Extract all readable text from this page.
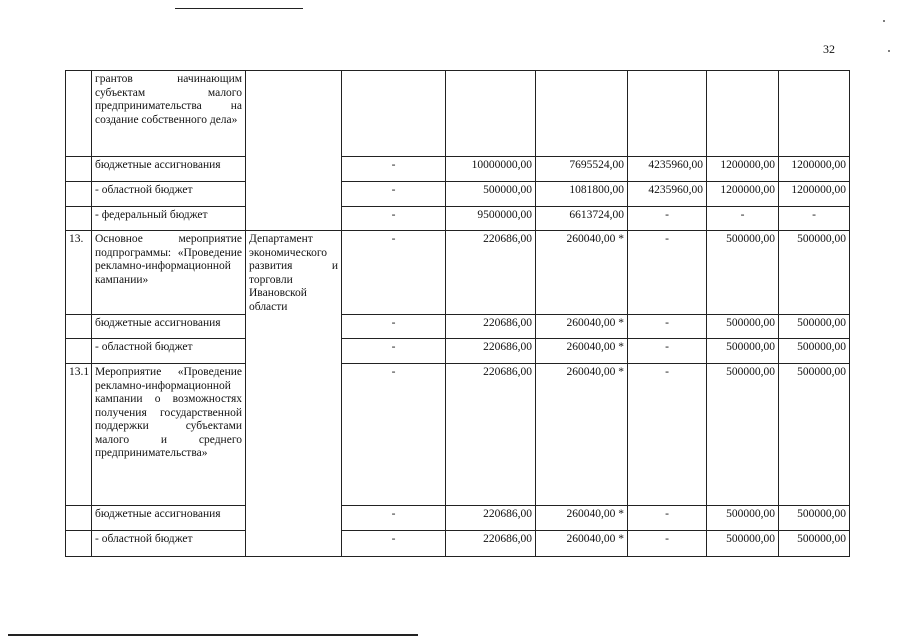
32
	грантов начинающим субъектам малого предпринимательства на создание собственного дела»							
	бюджетные ассигнования		-	10000000,00	7695524,00	4235960,00	1200000,00	1200000,00
	- областной бюджет		-	500000,00	1081800,00	4235960,00	1200000,00	1200000,00
	- федеральный бюджет		-	9500000,00	6613724,00	-	-	-
13.	Основное мероприятие подпрограммы: «Проведение рекламно-информационной кампании»	Департамент экономического развития и торговли Ивановской области	-	220686,00	260040,00 *	-	500000,00	500000,00
	бюджетные ассигнования		-	220686,00	260040,00 *	-	500000,00	500000,00
	- областной бюджет		-	220686,00	260040,00 *	-	500000,00	500000,00
13.1	Мероприятие «Проведение рекламно-информационной кампании о возможностях получения государственной поддержки субъектами малого и среднего предпринимательства»		-	220686,00	260040,00 *	-	500000,00	500000,00
	бюджетные ассигнования		-	220686,00	260040,00 *	-	500000,00	500000,00
	- областной бюджет		-	220686,00	260040,00 *	-	500000,00	500000,00
